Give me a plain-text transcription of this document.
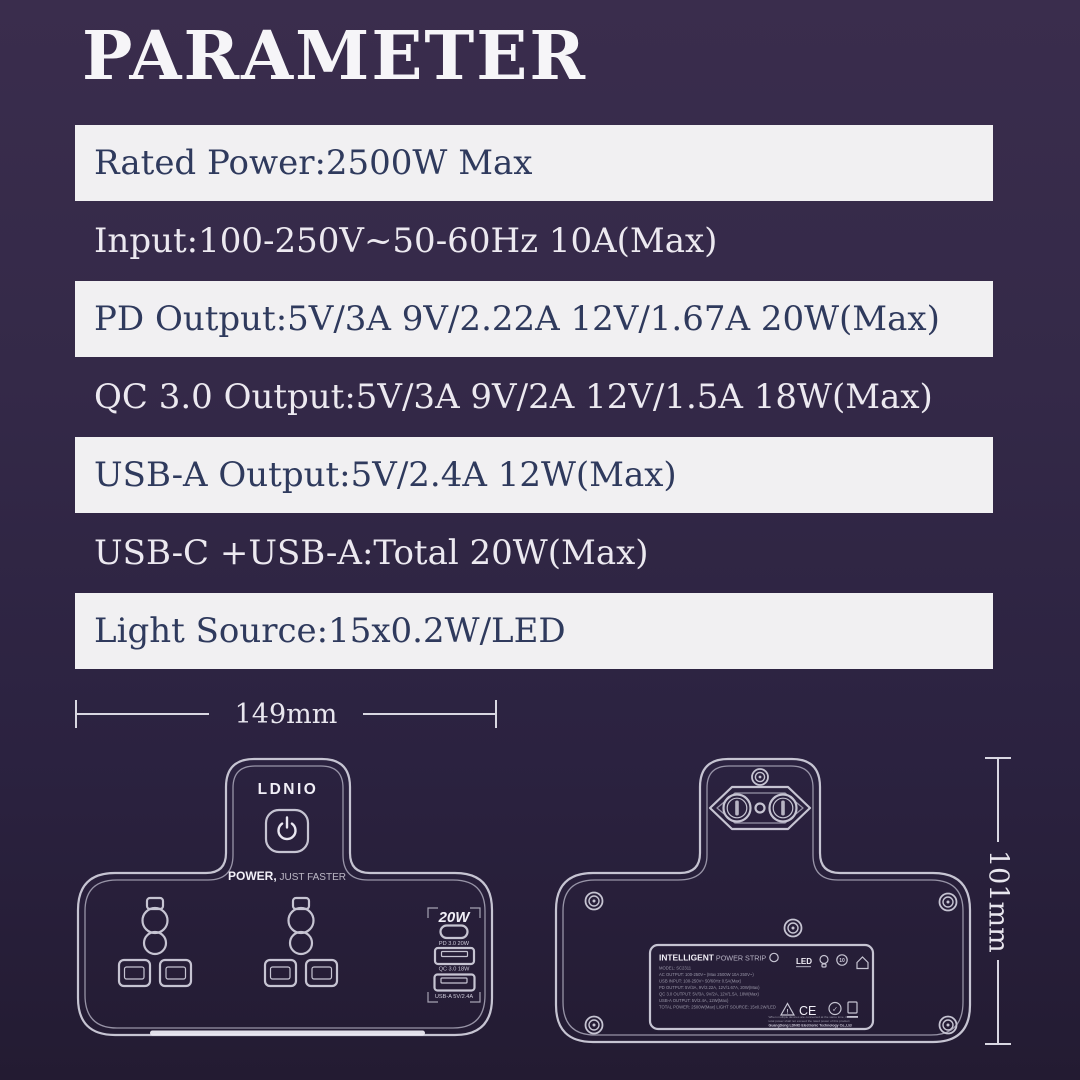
PARAMETER
Rated Power:2500W Max
Input:100-250V~50-60Hz 10A(Max)
PD Output:5V/3A 9V/2.22A 12V/1.67A 20W(Max)
QC 3.0 Output:5V/3A 9V/2A 12V/1.5A 18W(Max)
USB-A Output:5V/2.4A 12W(Max)
USB-C +USB-A:Total 20W(Max)
Light Source:15x0.2W/LED
149mm
101mm
LDNIO
POWER, JUST FASTER
20W
PD 3.0 20W
QC 3.0 18W
USB-A 5V/2.4A
INTELLIGENT POWER STRIP
MODEL: SC2311
AC OUTPUT: 100-250V~ (Max 2500W 10A 250V~)
USB INPUT: 100-250V~ 50/60Hz 0.5A(Max)
PD OUTPUT: 5V/3A, 9V/2.22A, 12V/1.67A, 20W(Max)
QC 3.0 OUTPUT: 5V/3A, 9V/2A, 12V/1.5A, 18W(Max)
USB-A OUTPUT: 5V/2.4A, 12W(Max)
TOTAL POWER: 2500W(Max) LIGHT SOURCE: 15x0.2W/LED
LED	10
! CE ✓
When multiple devices are connected at the same time, the
total power shall not exceed the rated power of this product
GuangDong LDNIO Electronic Technology Co.,Ltd
